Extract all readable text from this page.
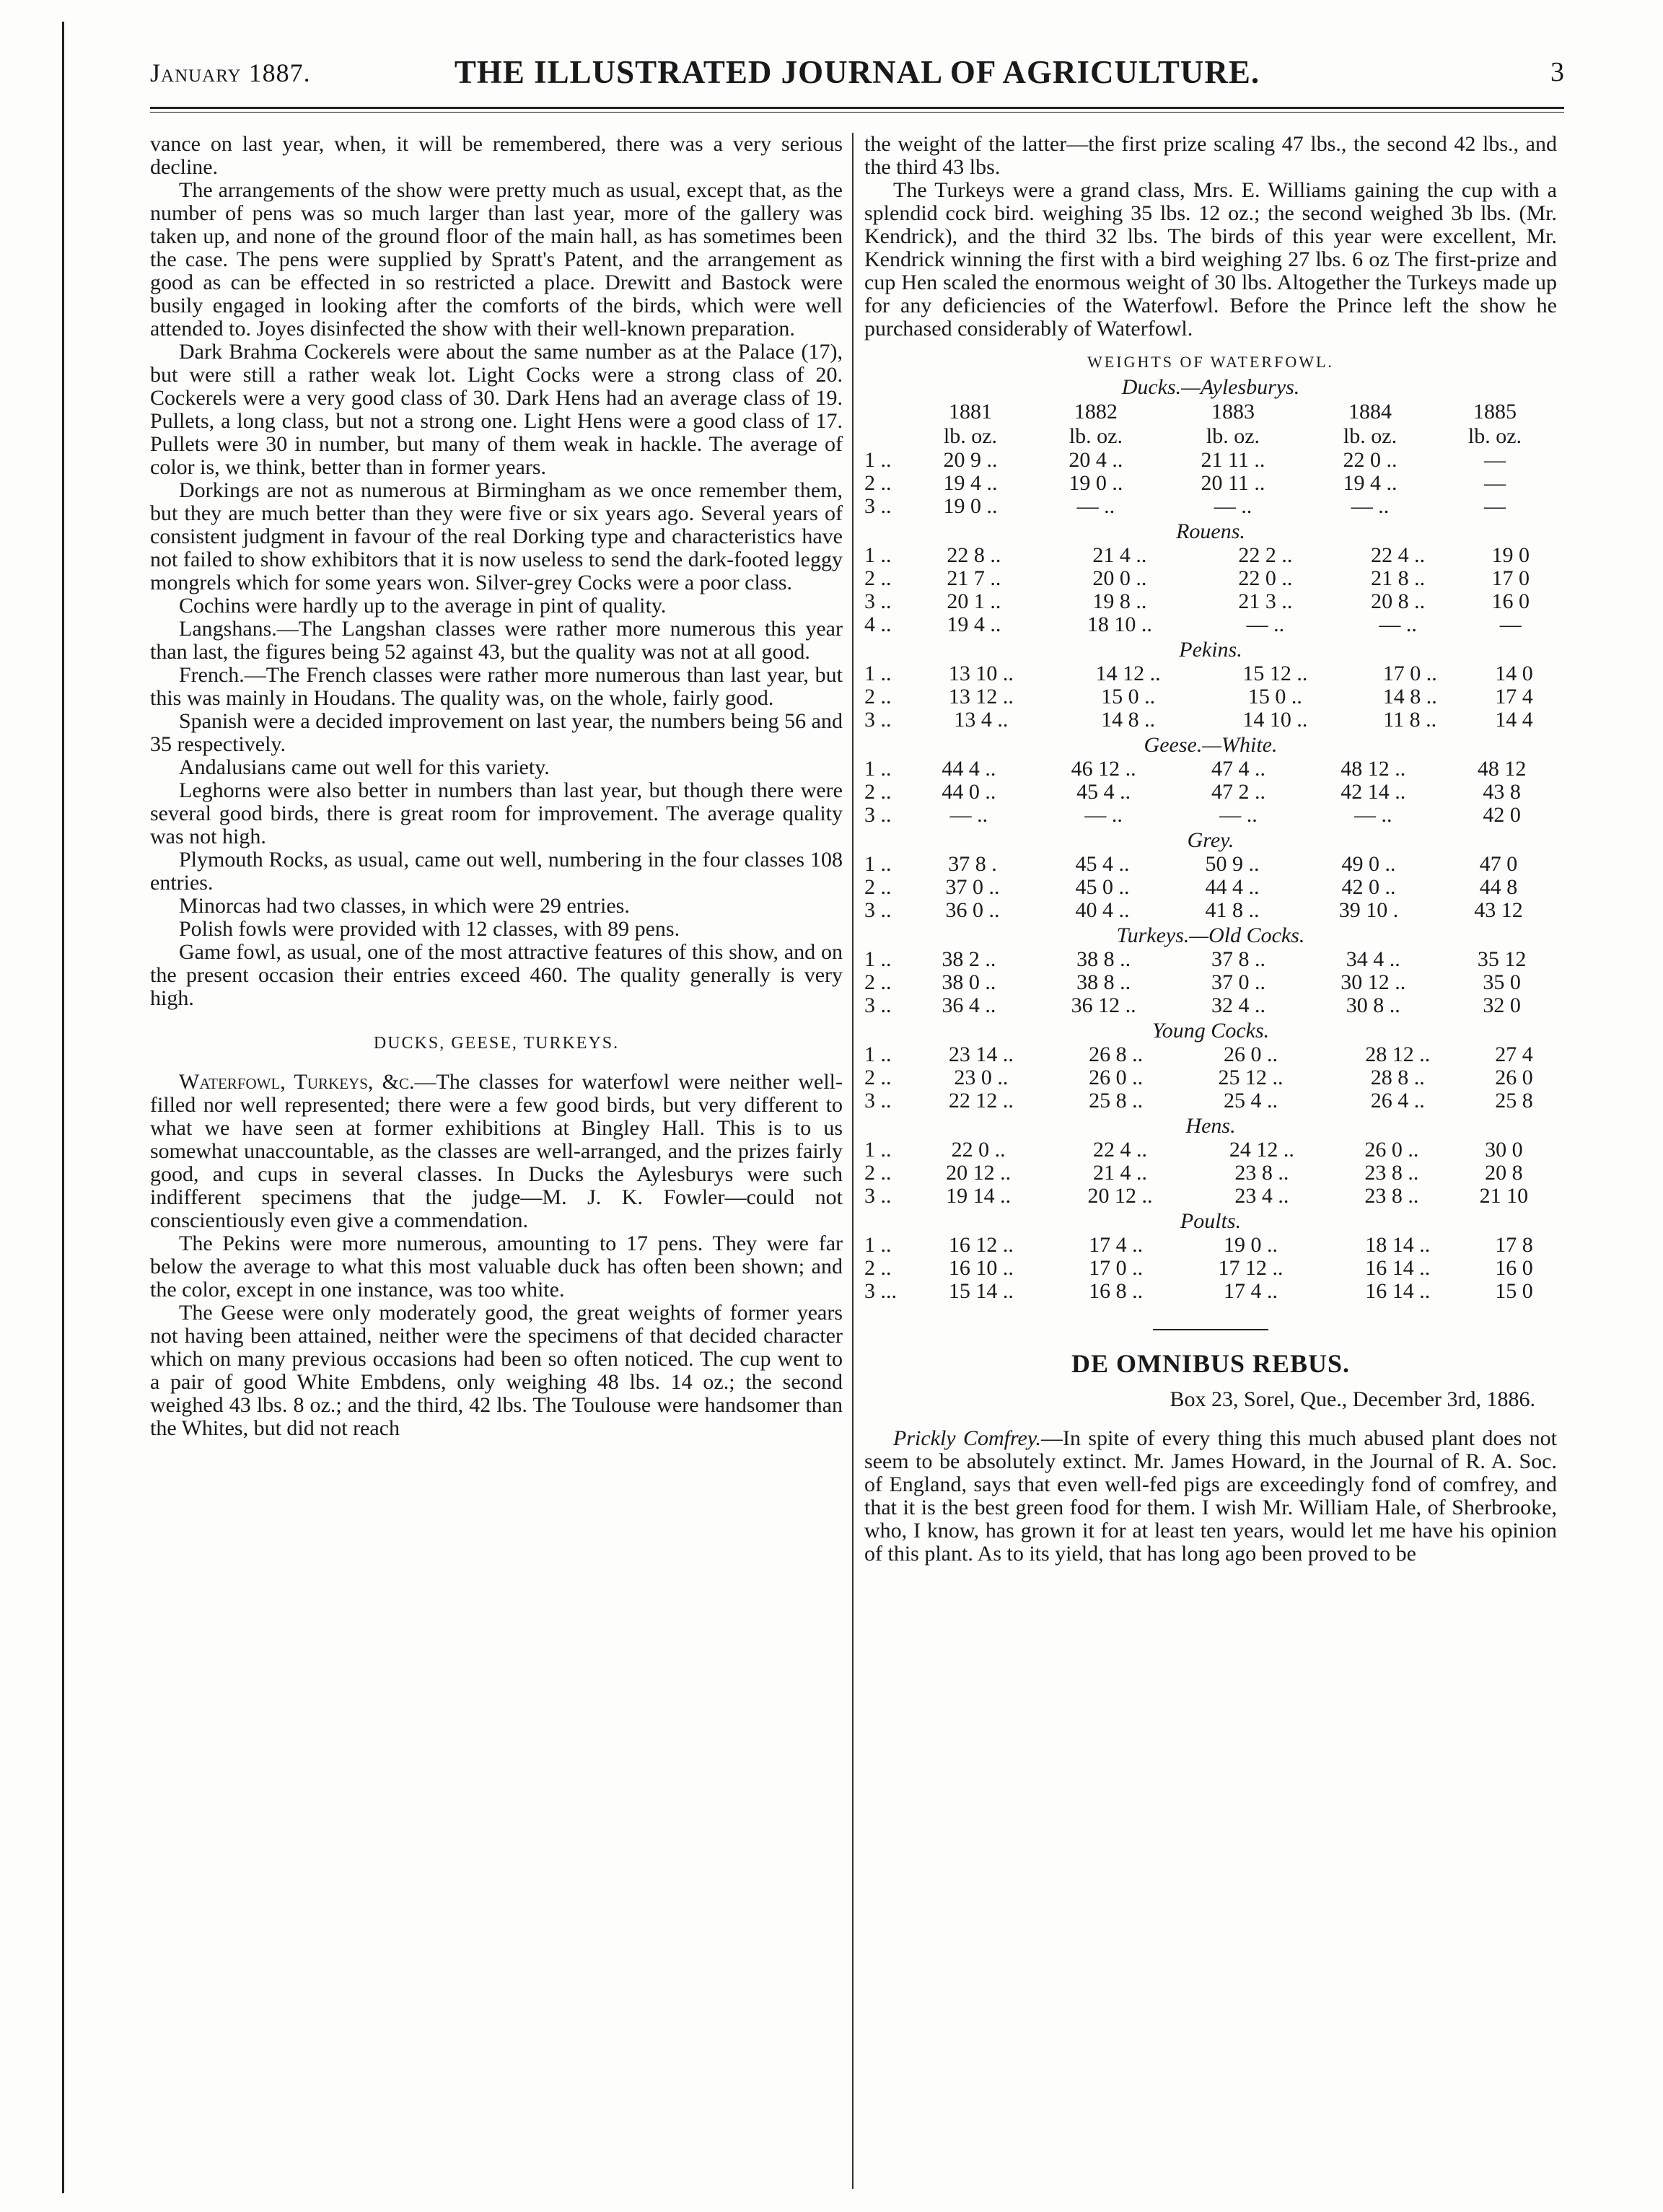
January 1887.	THE ILLUSTRATED JOURNAL OF AGRICULTURE.	3

vance on last year, when, it will be remembered, there was a very serious decline.

The arrangements of the show were pretty much as usual, except that, as the number of pens was so much larger than last year, more of the gallery was taken up, and none of the ground floor of the main hall, as has sometimes been the case. The pens were supplied by Spratt's Patent, and the arrangement as good as can be effected in so restricted a place. Drewitt and Bastock were busily engaged in looking after the comforts of the birds, which were well attended to. Joyes disinfected the show with their well-known preparation.

Dark Brahma Cockerels were about the same number as at the Palace (17), but were still a rather weak lot. Light Cocks were a strong class of 20. Cockerels were a very good class of 30. Dark Hens had an average class of 19. Pullets, a long class, but not a strong one. Light Hens were a good class of 17. Pullets were 30 in number, but many of them weak in hackle. The average of color is, we think, better than in former years.

Dorkings are not as numerous at Birmingham as we once remember them, but they are much better than they were five or six years ago. Several years of consistent judgment in favour of the real Dorking type and characteristics have not failed to show exhibitors that it is now useless to send the dark-footed leggy mongrels which for some years won. Silver-grey Cocks were a poor class.

Cochins were hardly up to the average in pint of quality.

Langshans.—The Langshan classes were rather more numerous this year than last, the figures being 52 against 43, but the quality was not at all good.

French.—The French classes were rather more numerous than last year, but this was mainly in Houdans. The quality was, on the whole, fairly good.

Spanish were a decided improvement on last year, the numbers being 56 and 35 respectively.

Andalusians came out well for this variety.

Leghorns were also better in numbers than last year, but though there were several good birds, there is great room for improvement. The average quality was not high.

Plymouth Rocks, as usual, came out well, numbering in the four classes 108 entries.

Minorcas had two classes, in which were 29 entries.

Polish fowls were provided with 12 classes, with 89 pens.

Game fowl, as usual, one of the most attractive features of this show, and on the present occasion their entries exceed 460. The quality generally is very high.

DUCKS, GEESE, TURKEYS.

Waterfowl, Turkeys, &c.—The classes for waterfowl were neither well-filled nor well represented; there were a few good birds, but very different to what we have seen at former exhibitions at Bingley Hall. This is to us somewhat unaccountable, as the classes are well-arranged, and the prizes fairly good, and cups in several classes. In Ducks the Aylesburys were such indifferent specimens that the judge—M. J. K. Fowler—could not conscientiously even give a commendation.

The Pekins were more numerous, amounting to 17 pens. They were far below the average to what this most valuable duck has often been shown; and the color, except in one instance, was too white.

The Geese were only moderately good, the great weights of former years not having been attained, neither were the specimens of that decided character which on many previous occasions had been so often noticed. The cup went to a pair of good White Embdens, only weighing 48 lbs. 14 oz.; the second weighed 43 lbs. 8 oz.; and the third, 42 lbs. The Toulouse were handsomer than the Whites, but did not reach

the weight of the latter—the first prize scaling 47 lbs., the second 42 lbs., and the third 43 lbs.

The Turkeys were a grand class, Mrs. E. Williams gaining the cup with a splendid cock bird. weighing 35 lbs. 12 oz.; the second weighed 3b lbs. (Mr. Kendrick), and the third 32 lbs. The birds of this year were excellent, Mr. Kendrick winning the first with a bird weighing 27 lbs. 6 oz The first-prize and cup Hen scaled the enormous weight of 30 lbs. Altogether the Turkeys made up for any deficiencies of the Waterfowl. Before the Prince left the show he purchased considerably of Waterfowl.

WEIGHTS OF WATERFOWL.
Ducks.—Aylesburys.
	1881	1882	1883	1884	1885
	lb. oz.	lb. oz.	lb. oz.	lb. oz.	lb. oz.
1 ..	20 9 ..	20 4 ..	21 11 ..	22 0 ..	—
2 ..	19 4 ..	19 0 ..	20 11 ..	19 4 ..	—
3 ..	19 0 ..	— ..	— ..	— ..	—
Rouens.
1 ..	22 8 ..	21 4 ..	22 2 ..	22 4 ..	19 0
2 ..	21 7 ..	20 0 ..	22 0 ..	21 8 ..	17 0
3 ..	20 1 ..	19 8 ..	21 3 ..	20 8 ..	16 0
4 ..	19 4 ..	18 10 ..	— ..	— ..	—
Pekins.
1 ..	13 10 ..	14 12 ..	15 12 ..	17 0 ..	14 0
2 ..	13 12 ..	15 0 ..	15 0 ..	14 8 ..	17 4
3 ..	13 4 ..	14 8 ..	14 10 ..	11 8 ..	14 4
Geese.—White.
1 ..	44 4 ..	46 12 ..	47 4 ..	48 12 ..	48 12
2 ..	44 0 ..	45 4 ..	47 2 ..	42 14 ..	43 8
3 ..	— ..	— ..	— ..	— ..	42 0
Grey.
1 ..	37 8 .	45 4 ..	50 9 ..	49 0 ..	47 0
2 ..	37 0 ..	45 0 ..	44 4 ..	42 0 ..	44 8
3 ..	36 0 ..	40 4 ..	41 8 ..	39 10 .	43 12
Turkeys.—Old Cocks.
1 ..	38 2 ..	38 8 ..	37 8 ..	34 4 ..	35 12
2 ..	38 0 ..	38 8 ..	37 0 ..	30 12 ..	35 0
3 ..	36 4 ..	36 12 ..	32 4 ..	30 8 ..	32 0
Young Cocks.
1 ..	23 14 ..	26 8 ..	26 0 ..	28 12 ..	27 4
2 ..	23 0 ..	26 0 ..	25 12 ..	28 8 ..	26 0
3 ..	22 12 ..	25 8 ..	25 4 ..	26 4 ..	25 8
Hens.
1 ..	22 0 ..	22 4 ..	24 12 ..	26 0 ..	30 0
2 ..	20 12 ..	21 4 ..	23 8 ..	23 8 ..	20 8
3 ..	19 14 ..	20 12 ..	23 4 ..	23 8 ..	21 10
Poults.
1 ..	16 12 ..	17 4 ..	19 0 ..	18 14 ..	17 8
2 ..	16 10 ..	17 0 ..	17 12 ..	16 14 ..	16 0
3 ...	15 14 ..	16 8 ..	17 4 ..	16 14 ..	15 0
DE OMNIBUS REBUS.
Box 23, Sorel, Que., December 3rd, 1886.

Prickly Comfrey.—In spite of every thing this much abused plant does not seem to be absolutely extinct. Mr. James Howard, in the Journal of R. A. Soc. of England, says that even well-fed pigs are exceedingly fond of comfrey, and that it is the best green food for them. I wish Mr. William Hale, of Sherbrooke, who, I know, has grown it for at least ten years, would let me have his opinion of this plant. As to its yield, that has long ago been proved to be
